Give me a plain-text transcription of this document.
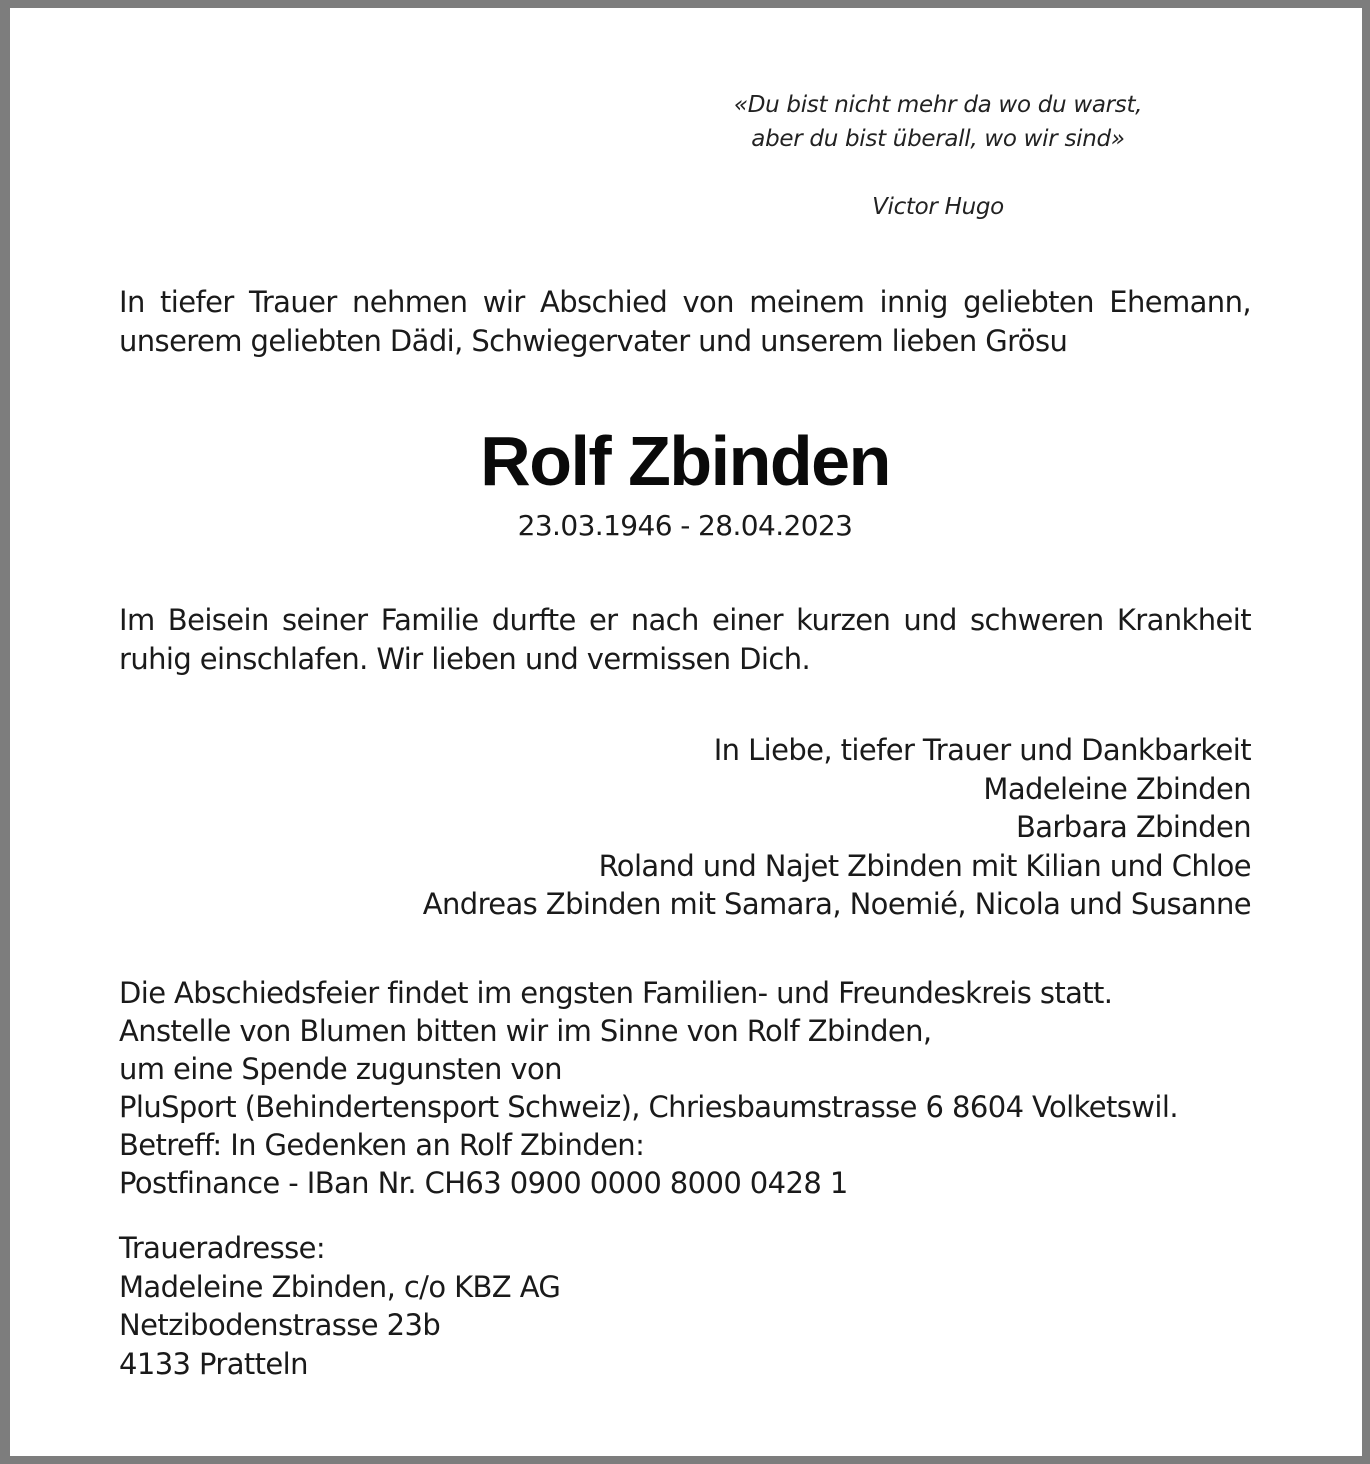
«Du bist nicht mehr da wo du warst,
aber du bist überall, wo wir sind»
Victor Hugo
In tiefer Trauer nehmen wir Abschied von meinem innig geliebten Ehemann,
unserem geliebten Dädi, Schwiegervater und unserem lieben Grösu
Rolf Zbinden
23.03.1946 - 28.04.2023
Im Beisein seiner Familie durfte er nach einer kurzen und schweren Krankheit
ruhig einschlafen. Wir lieben und vermissen Dich.
In Liebe, tiefer Trauer und Dankbarkeit
Madeleine Zbinden
Barbara Zbinden
Roland und Najet Zbinden mit Kilian und Chloe
Andreas Zbinden mit Samara, Noemié, Nicola und Susanne
Die Abschiedsfeier findet im engsten Familien- und Freundeskreis statt.
Anstelle von Blumen bitten wir im Sinne von Rolf Zbinden,
um eine Spende zugunsten von
PluSport (Behindertensport Schweiz), Chriesbaumstrasse 6 8604 Volketswil.
Betreff: In Gedenken an Rolf Zbinden:
Postfinance - IBan Nr. CH63 0900 0000 8000 0428 1
Traueradresse:
Madeleine Zbinden, c/o KBZ AG
Netzibodenstrasse 23b
4133 Pratteln
